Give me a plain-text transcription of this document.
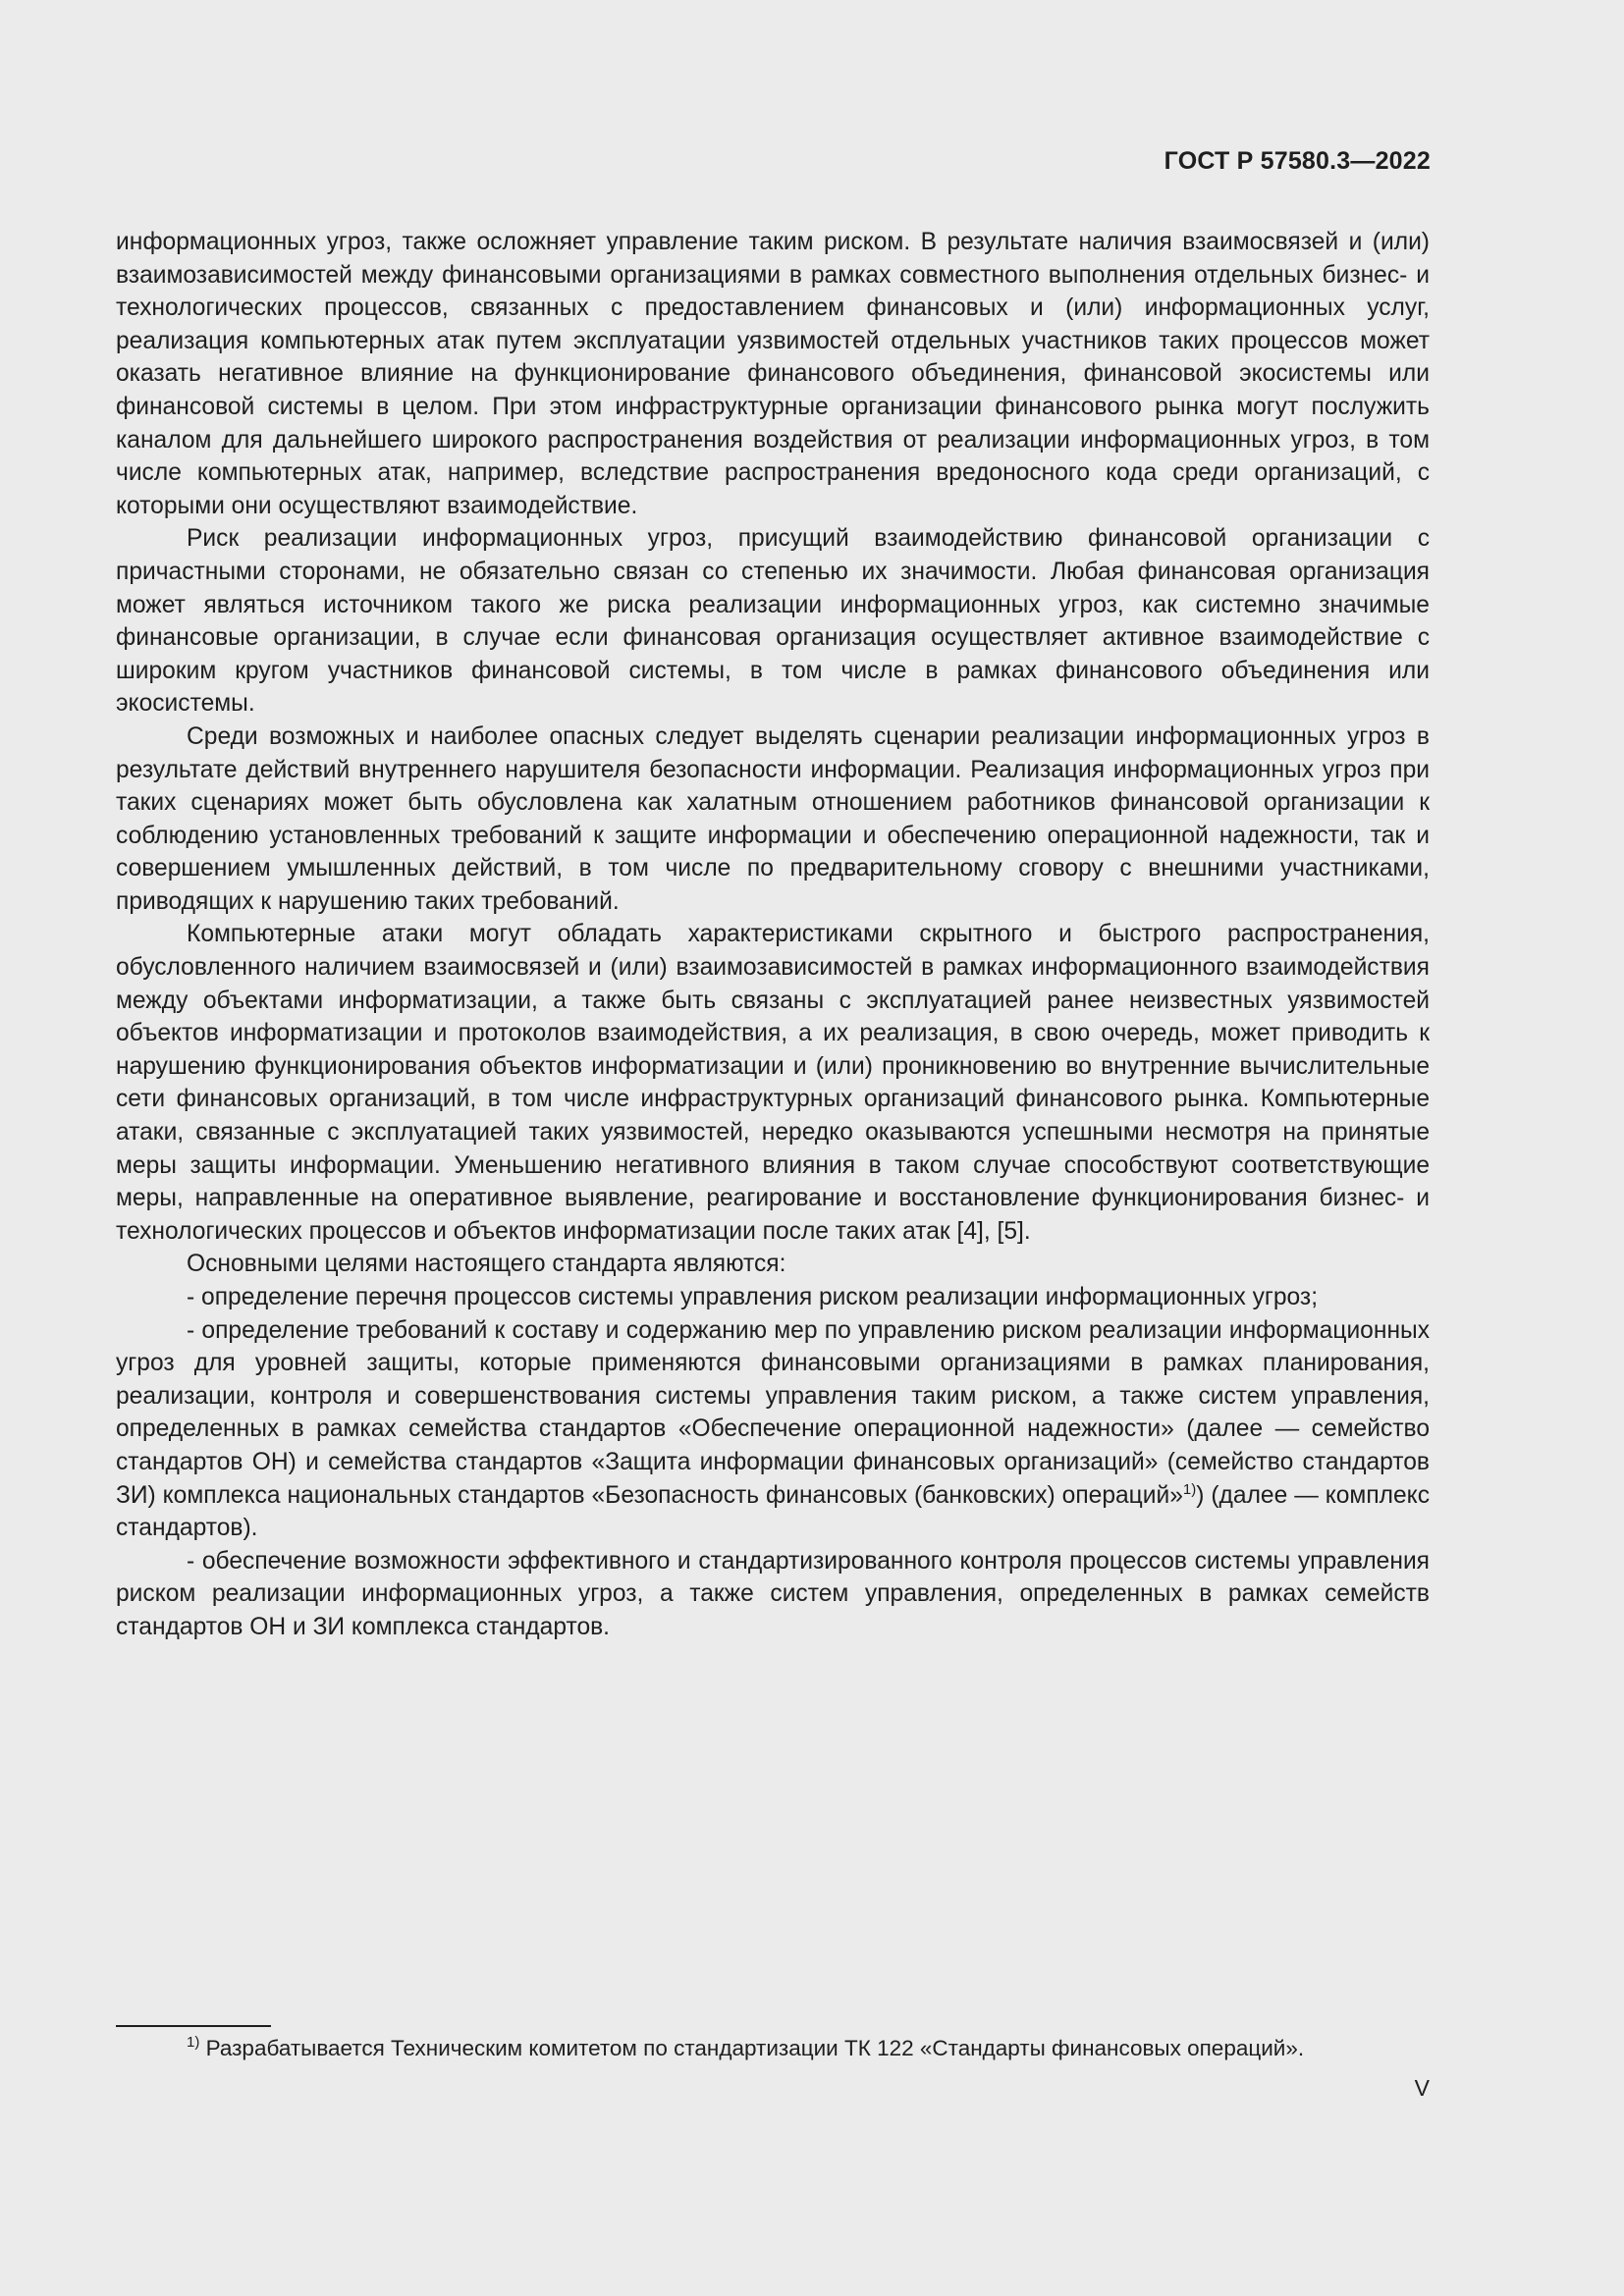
ГОСТ Р 57580.3—2022

информационных угроз, также осложняет управление таким риском. В результате наличия взаимосвязей и (или) взаимозависимостей между финансовыми организациями в рамках совместного выполнения отдельных бизнес- и технологических процессов, связанных с предоставлением финансовых и (или) информационных услуг, реализация компьютерных атак путем эксплуатации уязвимостей отдельных участников таких процессов может оказать негативное влияние на функционирование финансового объединения, финансовой экосистемы или финансовой системы в целом. При этом инфраструктурные организации финансового рынка могут послужить каналом для дальнейшего широкого распространения воздействия от реализации информационных угроз, в том числе компьютерных атак, например, вследствие распространения вредоносного кода среди организаций, с которыми они осуществляют взаимодействие.

Риск реализации информационных угроз, присущий взаимодействию финансовой организации с причастными сторонами, не обязательно связан со степенью их значимости. Любая финансовая организация может являться источником такого же риска реализации информационных угроз, как системно значимые финансовые организации, в случае если финансовая организация осуществляет активное взаимодействие с широким кругом участников финансовой системы, в том числе в рамках финансового объединения или экосистемы.

Среди возможных и наиболее опасных следует выделять сценарии реализации информационных угроз в результате действий внутреннего нарушителя безопасности информации. Реализация информационных угроз при таких сценариях может быть обусловлена как халатным отношением работников финансовой организации к соблюдению установленных требований к защите информации и обеспечению операционной надежности, так и совершением умышленных действий, в том числе по предварительному сговору с внешними участниками, приводящих к нарушению таких требований.

Компьютерные атаки могут обладать характеристиками скрытного и быстрого распространения, обусловленного наличием взаимосвязей и (или) взаимозависимостей в рамках информационного взаимодействия между объектами информатизации, а также быть связаны с эксплуатацией ранее неизвестных уязвимостей объектов информатизации и протоколов взаимодействия, а их реализация, в свою очередь, может приводить к нарушению функционирования объектов информатизации и (или) проникновению во внутренние вычислительные сети финансовых организаций, в том числе инфраструктурных организаций финансового рынка. Компьютерные атаки, связанные с эксплуатацией таких уязвимостей, нередко оказываются успешными несмотря на принятые меры защиты информации. Уменьшению негативного влияния в таком случае способствуют соответствующие меры, направленные на оперативное выявление, реагирование и восстановление функционирования бизнес- и технологических процессов и объектов информатизации после таких атак [4], [5].

Основными целями настоящего стандарта являются:

- определение перечня процессов системы управления риском реализации информационных угроз;

- определение требований к составу и содержанию мер по управлению риском реализации информационных угроз для уровней защиты, которые применяются финансовыми организациями в рамках планирования, реализации, контроля и совершенствования системы управления таким риском, а также систем управления, определенных в рамках семейства стандартов «Обеспечение операционной надежности» (далее — семейство стандартов ОН) и семейства стандартов «Защита информации финансовых организаций» (семейство стандартов ЗИ) комплекса национальных стандартов «Безопасность финансовых (банковских) операций»$^{1)}$) (далее — комплекс стандартов).

- обеспечение возможности эффективного и стандартизированного контроля процессов системы управления риском реализации информационных угроз, а также систем управления, определенных в рамках семейств стандартов ОН и ЗИ комплекса стандартов.

$^{1)}$ Разрабатывается Техническим комитетом по стандартизации ТК 122 «Стандарты финансовых операций».
V
